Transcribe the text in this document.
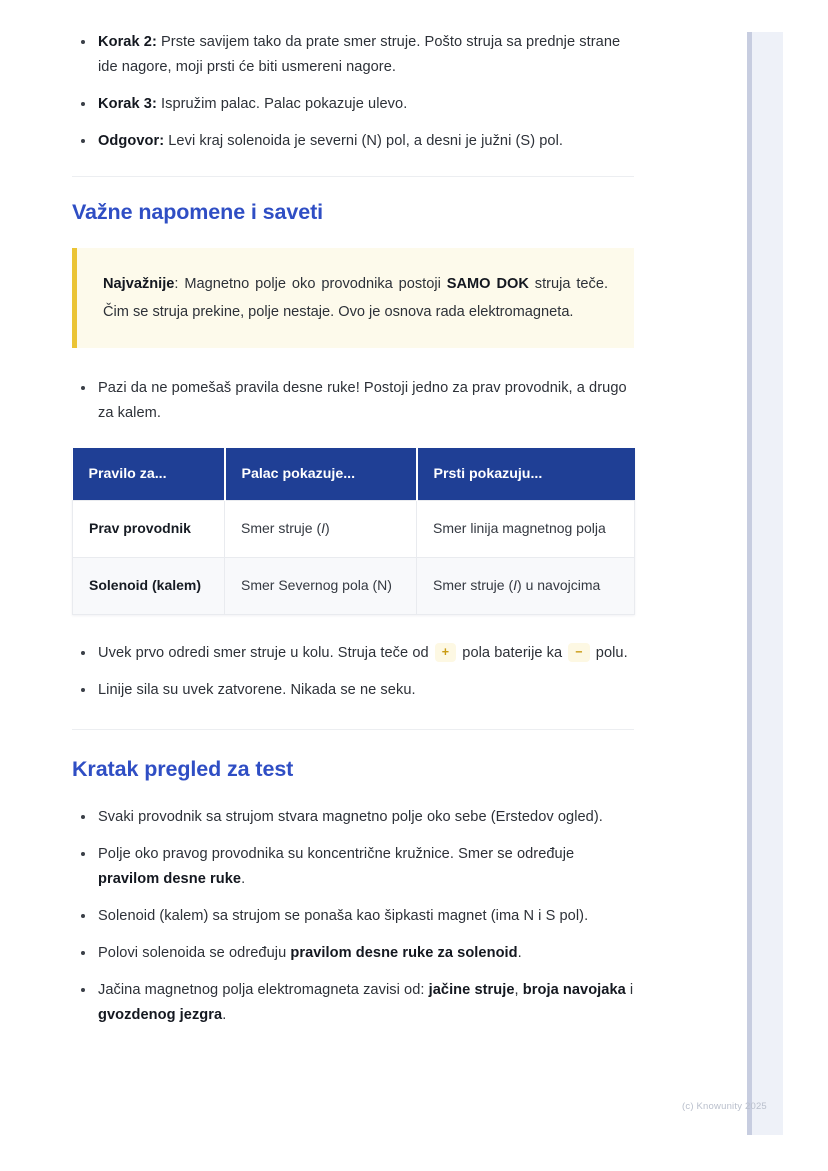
Korak 2: Prste savijem tako da prate smer struje. Pošto struja sa prednje strane ide nagore, moji prsti će biti usmereni nagore.
Korak 3: Ispružim palac. Palac pokazuje ulevo.
Odgovor: Levi kraj solenoida je severni (N) pol, a desni je južni (S) pol.
Važne napomene i saveti

Najvažnije: Magnetno polje oko provodnika postoji SAMO DOK struja teče. Čim se struja prekine, polje nestaje. Ovo je osnova rada elektromagneta.

Pazi da ne pomešaš pravila desne ruke! Postoji jedno za prav provodnik, a drugo za kalem.
Pravilo za...	Palac pokazuje...	Prsti pokazuju...
Prav provodnik	Smer struje (I)	Smer linija magnetnog polja
Solenoid (kalem)	Smer Severnog pola (N)	Smer struje (I) u navojcima
Uvek prvo odredi smer struje u kolu. Struja teče od + pola baterije ka − polu.
Linije sila su uvek zatvorene. Nikada se ne seku.
Kratak pregled za test
Svaki provodnik sa strujom stvara magnetno polje oko sebe (Erstedov ogled).
Polje oko pravog provodnika su koncentrične kružnice. Smer se određuje pravilom desne ruke.
Solenoid (kalem) sa strujom se ponaša kao šipkasti magnet (ima N i S pol).
Polovi solenoida se određuju pravilom desne ruke za solenoid.
Jačina magnetnog polja elektromagneta zavisi od: jačine struje, broja navojaka i gvozdenog jezgra.
(c) Knowunity 2025
